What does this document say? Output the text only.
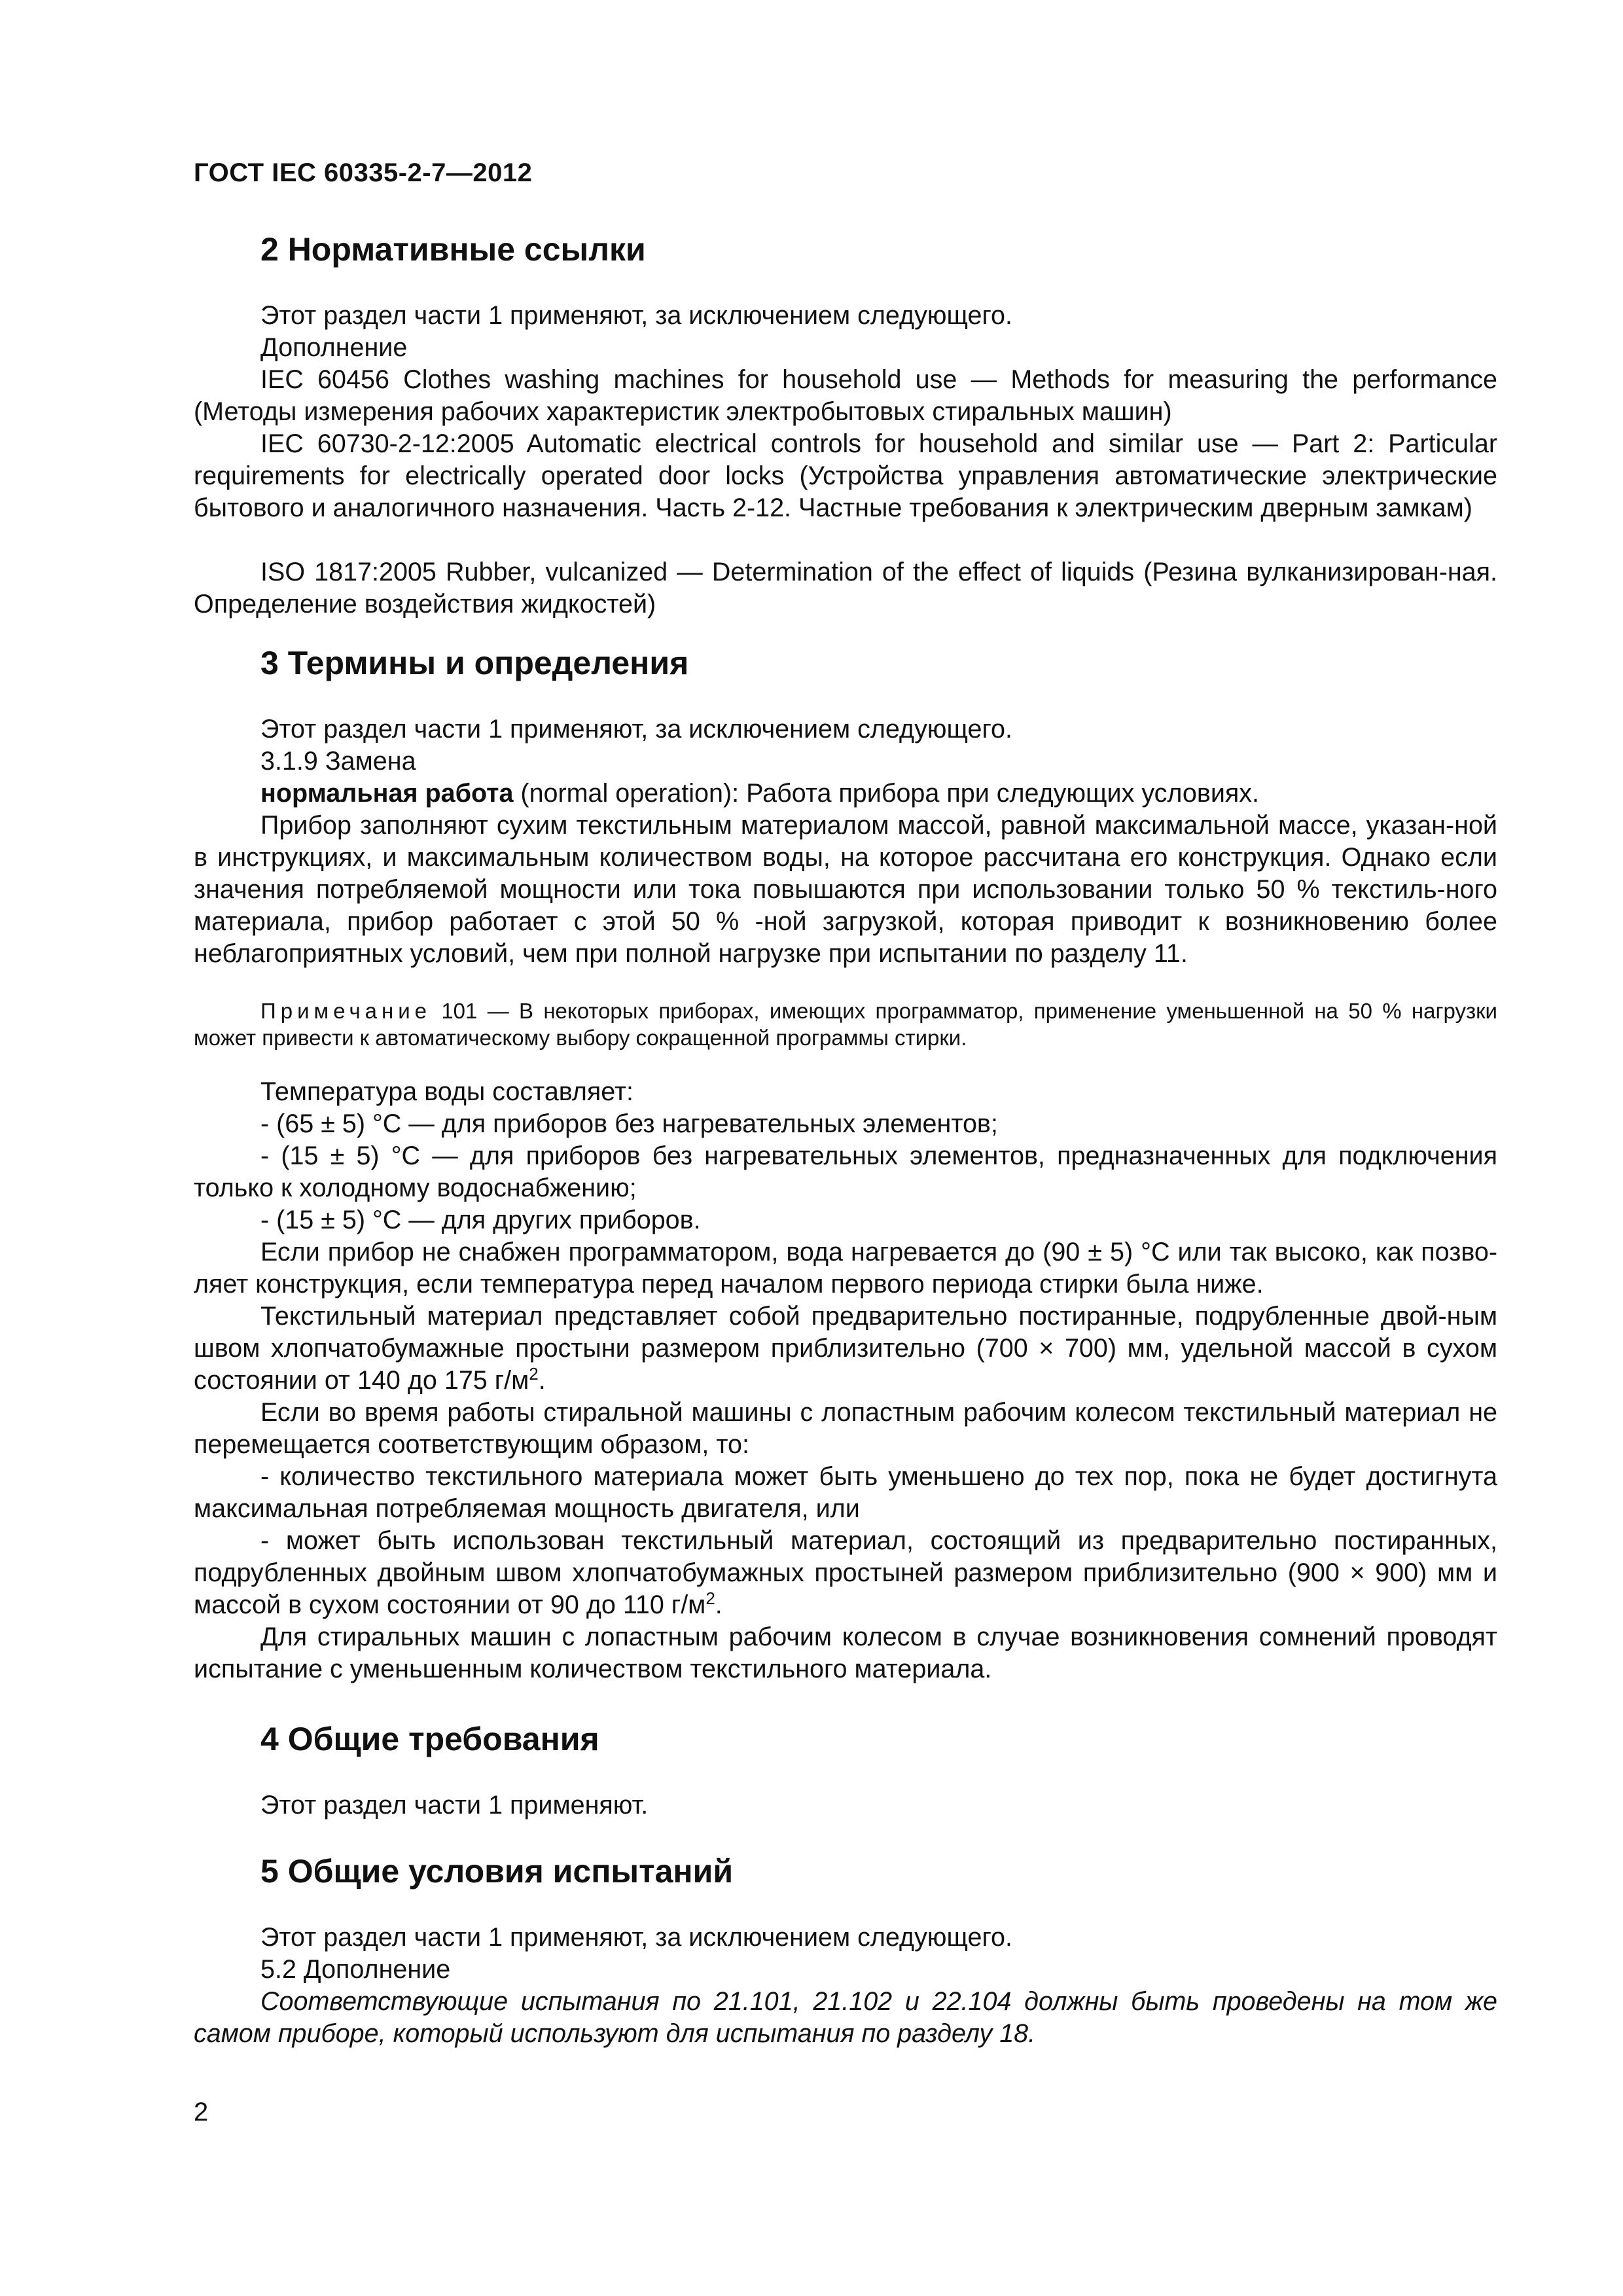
ГОСТ IEC 60335-2-7—2012
2 Нормативные ссылки
Этот раздел части 1 применяют, за исключением следующего.
Дополнение
IEC 60456 Clothes washing machines for household use — Methods for measuring the performance (Методы измерения рабочих характеристик электробытовых стиральных машин)
IEC 60730-2-12:2005 Automatic electrical controls for household and similar use — Part 2: Particular requirements for electrically operated door locks (Устройства управления автоматические электрические бытового и аналогичного назначения. Часть 2-12. Частные требования к электрическим дверным замкам)
ISO 1817:2005 Rubber, vulcanized — Determination of the effect of liquids (Резина вулканизирован-ная. Определение воздействия жидкостей)
3 Термины и определения
Этот раздел части 1 применяют, за исключением следующего.
3.1.9 Замена
нормальная работа (normal operation): Работа прибора при следующих условиях.
Прибор заполняют сухим текстильным материалом массой, равной максимальной массе, указан-ной в инструкциях, и максимальным количеством воды, на которое рассчитана его конструкция. Однако если значения потребляемой мощности или тока повышаются при использовании только 50 % текстиль-ного материала, прибор работает с этой 50 % -ной загрузкой, которая приводит к возникновению более неблагоприятных условий, чем при полной нагрузке при испытании по разделу 11.
Примечание 101 — В некоторых приборах, имеющих программатор, применение уменьшенной на 50 % нагрузки может привести к автоматическому выбору сокращенной программы стирки.
Температура воды составляет:
- (65 ± 5) °C — для приборов без нагревательных элементов;
- (15 ± 5) °C — для приборов без нагревательных элементов, предназначенных для подключения только к холодному водоснабжению;
- (15 ± 5) °C — для других приборов.
Если прибор не снабжен программатором, вода нагревается до (90 ± 5) °C или так высоко, как позво-ляет конструкция, если температура перед началом первого периода стирки была ниже.
Текстильный материал представляет собой предварительно постиранные, подрубленные двой-ным швом хлопчатобумажные простыни размером приблизительно (700 × 700) мм, удельной массой в сухом состоянии от 140 до 175 $г/м^2$.
Если во время работы стиральной машины с лопастным рабочим колесом текстильный материал не перемещается соответствующим образом, то:
- количество текстильного материала может быть уменьшено до тех пор, пока не будет достигнута максимальная потребляемая мощность двигателя, или
- может быть использован текстильный материал, состоящий из предварительно постиранных, подрубленных двойным швом хлопчатобумажных простыней размером приблизительно (900 × 900) мм и массой в сухом состоянии от 90 до 110 $г/м^2$.
Для стиральных машин с лопастным рабочим колесом в случае возникновения сомнений проводят испытание с уменьшенным количеством текстильного материала.
4 Общие требования
Этот раздел части 1 применяют.
5 Общие условия испытаний
Этот раздел части 1 применяют, за исключением следующего.
5.2 Дополнение
Соответствующие испытания по 21.101, 21.102 и 22.104 должны быть проведены на том же самом приборе, который используют для испытания по разделу 18.
2
